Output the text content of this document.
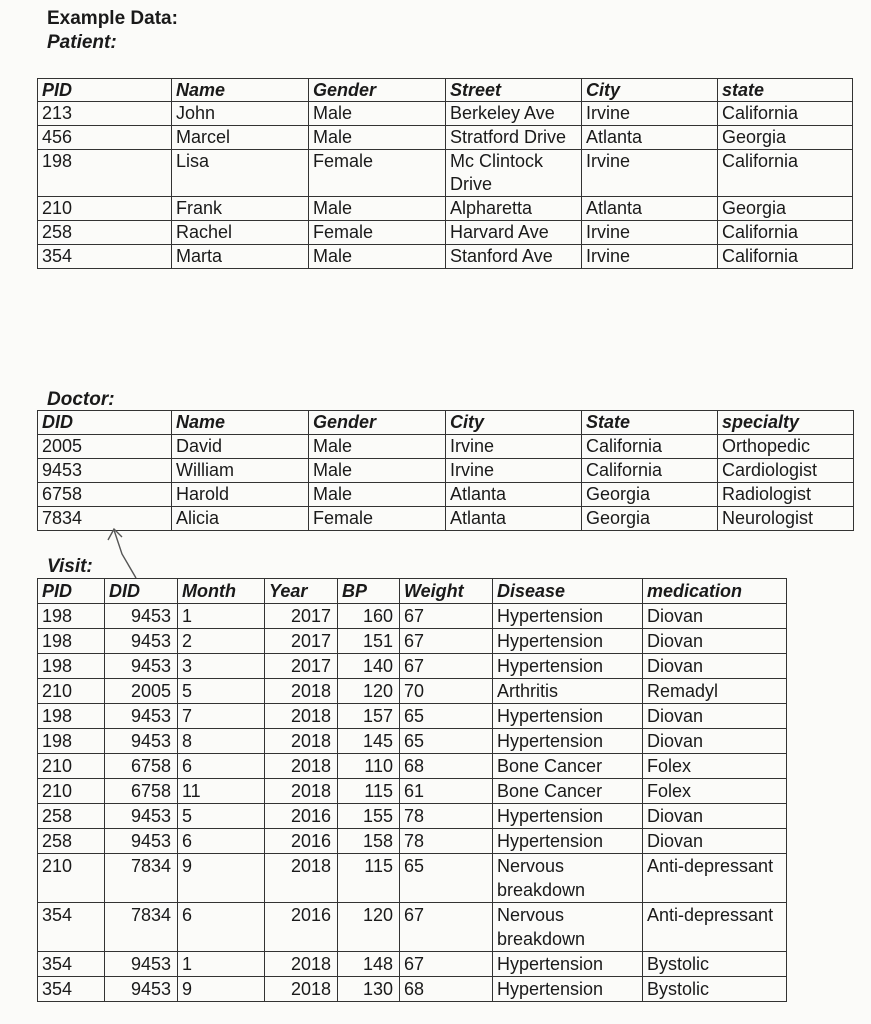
Example Data:

Patient:

PID	Name	Gender	Street	City	state
213	John	Male	Berkeley Ave	Irvine	California
456	Marcel	Male	Stratford Drive	Atlanta	Georgia
198	Lisa	Female	Mc Clintock Drive	Irvine	California
210	Frank	Male	Alpharetta	Atlanta	Georgia
258	Rachel	Female	Harvard Ave	Irvine	California
354	Marta	Male	Stanford Ave	Irvine	California

Doctor:

DID	Name	Gender	City	State	specialty
2005	David	Male	Irvine	California	Orthopedic
9453	William	Male	Irvine	California	Cardiologist
6758	Harold	Male	Atlanta	Georgia	Radiologist
7834	Alicia	Female	Atlanta	Georgia	Neurologist

Visit:

PID	DID	Month	Year	BP	Weight	Disease	medication
198	9453	1	2017	160	67	Hypertension	Diovan
198	9453	2	2017	151	67	Hypertension	Diovan
198	9453	3	2017	140	67	Hypertension	Diovan
210	2005	5	2018	120	70	Arthritis	Remadyl
198	9453	7	2018	157	65	Hypertension	Diovan
198	9453	8	2018	145	65	Hypertension	Diovan
210	6758	6	2018	110	68	Bone Cancer	Folex
210	6758	11	2018	115	61	Bone Cancer	Folex
258	9453	5	2016	155	78	Hypertension	Diovan
258	9453	6	2016	158	78	Hypertension	Diovan
210	7834	9	2018	115	65	Nervous breakdown	Anti-depressant
354	7834	6	2016	120	67	Nervous breakdown	Anti-depressant
354	9453	1	2018	148	67	Hypertension	Bystolic
354	9453	9	2018	130	68	Hypertension	Bystolic
